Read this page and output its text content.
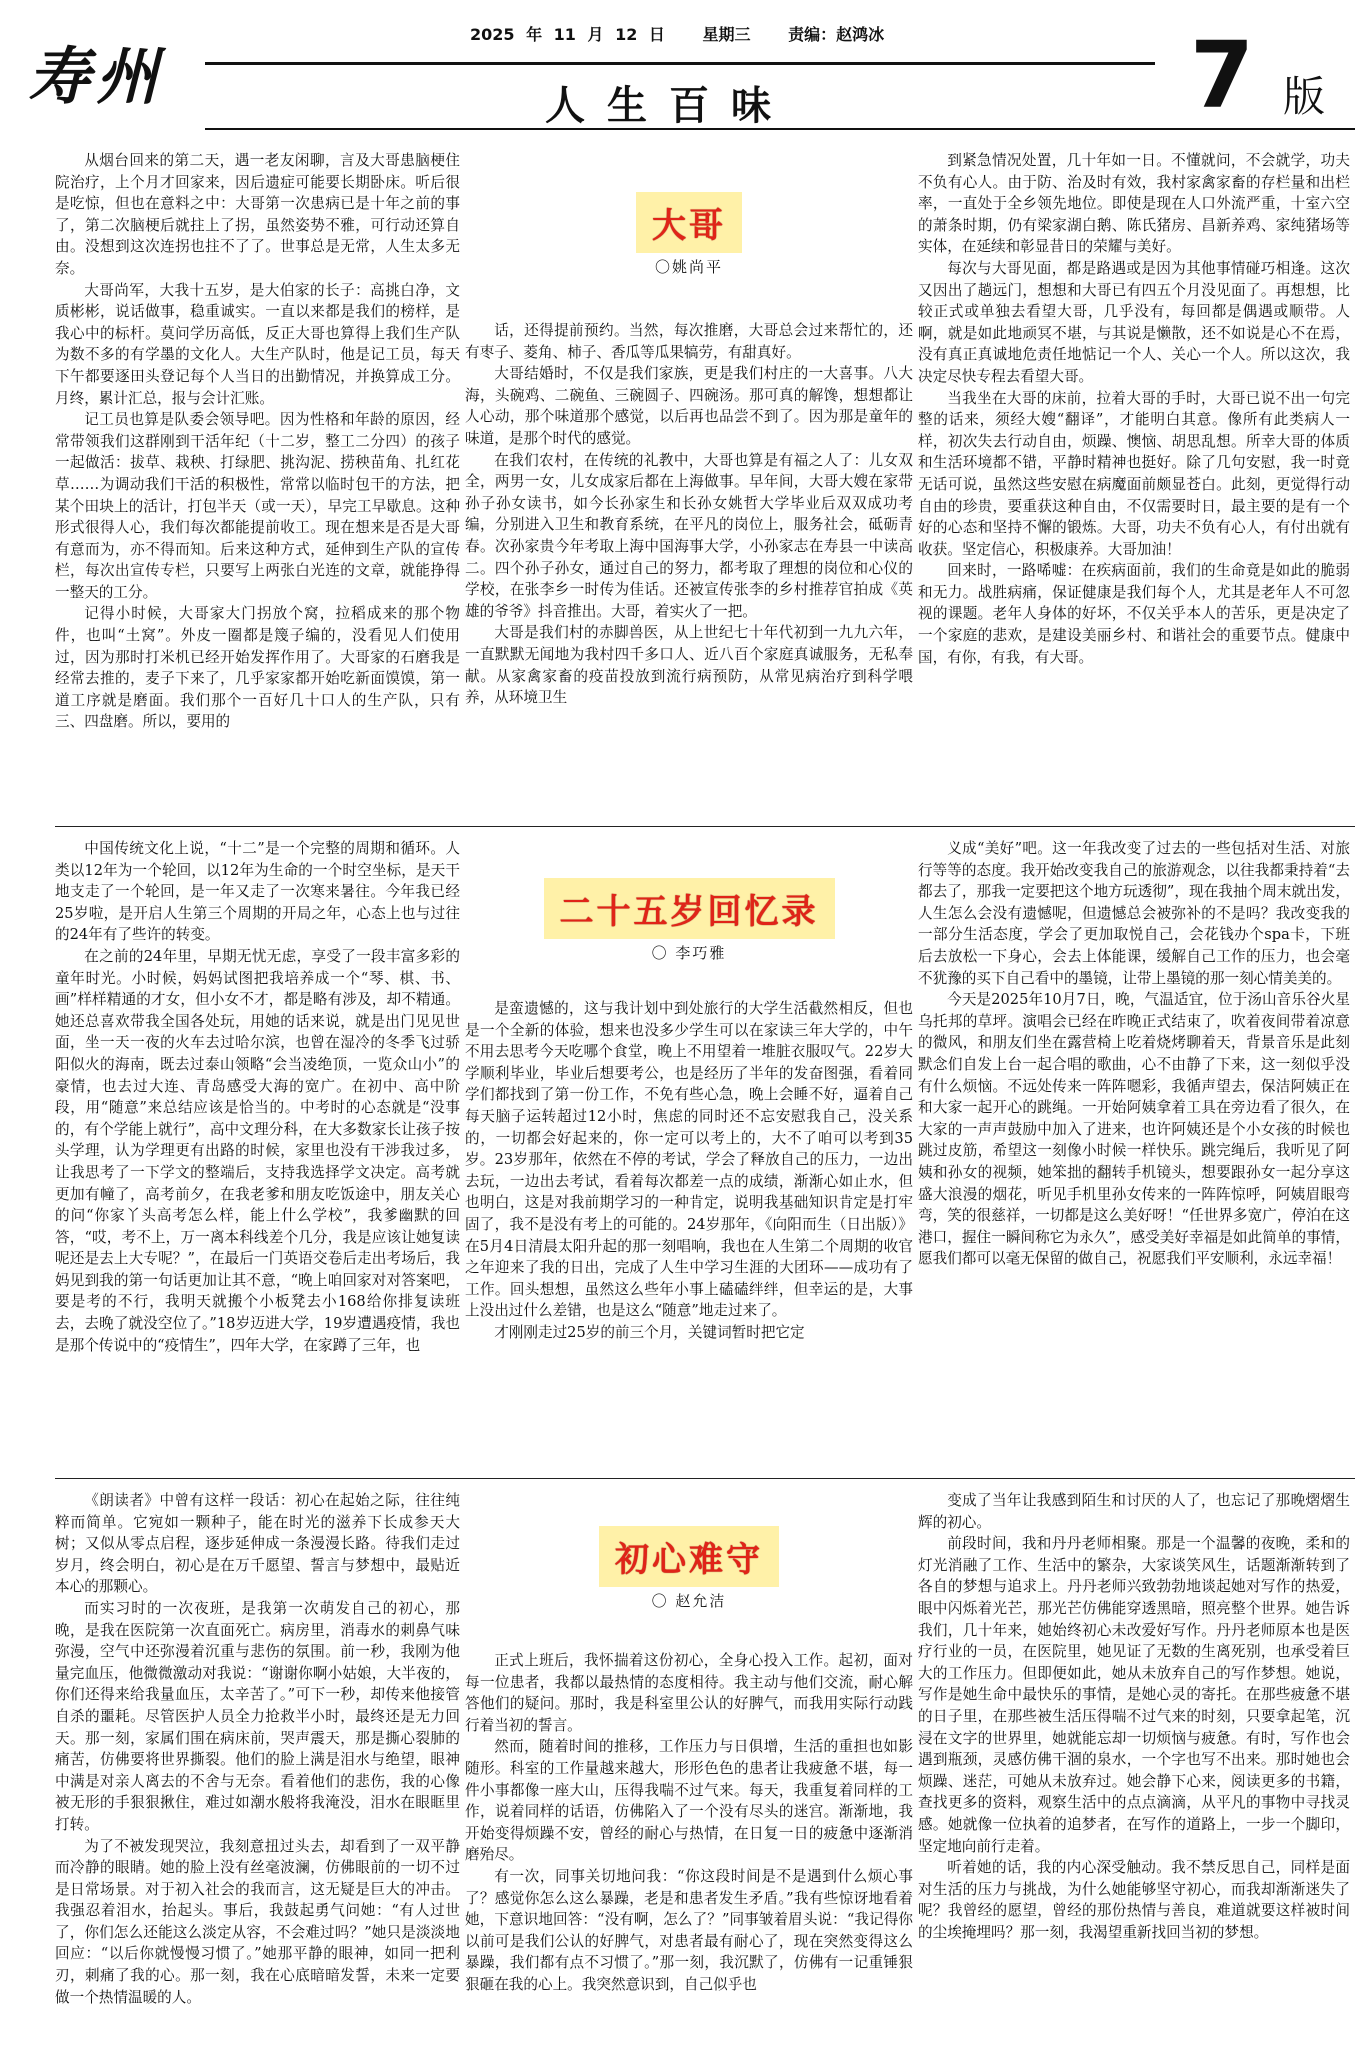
寿州
2025 年 11 月 12 日 星期三 责编：赵鸿冰
人生百味	7 版

从烟台回来的第二天，遇一老友闲聊，言及大哥患脑梗住院治疗，上个月才回家来，因后遗症可能要长期卧床。听后很是吃惊，但也在意料之中：大哥第一次患病已是十年之前的事了，第二次脑梗后就拄上了拐，虽然姿势不雅，可行动还算自由。没想到这次连拐也拄不了了。世事总是无常，人生太多无奈。

大哥尚军，大我十五岁，是大伯家的长子：高挑白净，文质彬彬，说话做事，稳重诚实。一直以来都是我们的榜样，是我心中的标杆。莫问学历高低，反正大哥也算得上我们生产队为数不多的有学墨的文化人。大生产队时，他是记工员，每天下午都要逐田头登记每个人当日的出勤情况，并换算成工分。月终，累计汇总，报与会计汇账。

记工员也算是队委会领导吧。因为性格和年龄的原因，经常带领我们这群刚到干活年纪（十二岁，整工二分四）的孩子一起做活：拔草、栽秧、打绿肥、挑沟泥、捞秧苗角、扎红花草……为调动我们干活的积极性，常常以临时包干的方法，把某个田块上的活计，打包半天（或一天），早完工早歇息。这种形式很得人心，我们每次都能提前收工。现在想来是否是大哥有意而为，亦不得而知。后来这种方式，延伸到生产队的宣传栏，每次出宣传专栏，只要写上两张白光连的文章，就能挣得一整天的工分。

记得小时候，大哥家大门拐放个窝，拉稻成来的那个物件，也叫“土窝”。外皮一圈都是篾子编的，没看见人们使用过，因为那时打米机已经开始发挥作用了。大哥家的石磨我是经常去推的，麦子下来了，几乎家家都开始吃新面馍馍，第一道工序就是磨面。我们那个一百好几十口人的生产队，只有三、四盘磨。所以，要用的

大哥
〇姚尚平

话，还得提前预约。当然，每次推磨，大哥总会过来帮忙的，还有枣子、菱角、柿子、香瓜等瓜果犒劳，有甜真好。

大哥结婚时，不仅是我们家族，更是我们村庄的一大喜事。八大海，头碗鸡、二碗鱼、三碗圆子、四碗汤。那可真的解馋，想想都让人心动，那个味道那个感觉，以后再也品尝不到了。因为那是童年的味道，是那个时代的感觉。

在我们农村，在传统的礼教中，大哥也算是有福之人了：儿女双全，两男一女，儿女成家后都在上海做事。早年间，大哥大嫂在家带孙子孙女读书，如今长孙家生和长孙女姚哲大学毕业后双双成功考编，分别进入卫生和教育系统，在平凡的岗位上，服务社会，砥砺青春。次孙家贵今年考取上海中国海事大学，小孙家志在寿县一中读高二。四个孙子孙女，通过自己的努力，都考取了理想的岗位和心仪的学校，在张李乡一时传为佳话。还被宣传张李的乡村推荐官拍成《英雄的爷爷》抖音推出。大哥，着实火了一把。

大哥是我们村的赤脚兽医，从上世纪七十年代初到一九九六年，一直默默无闻地为我村四千多口人、近八百个家庭真诚服务，无私奉献。从家禽家畜的疫苗投放到流行病预防，从常见病治疗到科学喂养，从环境卫生

到紧急情况处置，几十年如一日。不懂就问，不会就学，功夫不负有心人。由于防、治及时有效，我村家禽家畜的存栏量和出栏率，一直处于全乡领先地位。即使是现在人口外流严重，十室六空的萧条时期，仍有梁家湖白鹅、陈氏猪房、昌新养鸡、家纯猪场等实体，在延续和彰显昔日的荣耀与美好。

每次与大哥见面，都是路遇或是因为其他事情碰巧相逢。这次又因出了趟远门，想想和大哥已有四五个月没见面了。再想想，比较正式或单独去看望大哥，几乎没有，每回都是偶遇或顺带。人啊，就是如此地顽冥不堪，与其说是懒散，还不如说是心不在焉，没有真正真诚地危责任地惦记一个人、关心一个人。所以这次，我决定尽快专程去看望大哥。

当我坐在大哥的床前，拉着大哥的手时，大哥已说不出一句完整的话来，须经大嫂“翻译”，才能明白其意。像所有此类病人一样，初次失去行动自由，烦躁、懊恼、胡思乱想。所幸大哥的体质和生活环境都不错，平静时精神也挺好。除了几句安慰，我一时竟无话可说，虽然这些安慰在病魔面前颇显苍白。此刻，更觉得行动自由的珍贵，要重获这种自由，不仅需要时日，最主要的是有一个好的心态和坚持不懈的锻炼。大哥，功夫不负有心人，有付出就有收获。坚定信心，积极康养。大哥加油！

回来时，一路唏嘘：在疾病面前，我们的生命竟是如此的脆弱和无力。战胜病痛，保证健康是我们每个人，尤其是老年人不可忽视的课题。老年人身体的好坏，不仅关乎本人的苦乐，更是决定了一个家庭的悲欢，是建设美丽乡村、和谐社会的重要节点。健康中国，有你，有我，有大哥。

中国传统文化上说，“十二”是一个完整的周期和循环。人类以12年为一个轮回，以12年为生命的一个时空坐标，是天干地支走了一个轮回，是一年又走了一次寒来暑往。今年我已经25岁啦，是开启人生第三个周期的开局之年，心态上也与过往的24年有了些许的转变。

在之前的24年里，早期无忧无虑，享受了一段丰富多彩的童年时光。小时候，妈妈试图把我培养成一个“琴、棋、书、画”样样精通的才女，但小女不才，都是略有涉及，却不精通。她还总喜欢带我全国各处玩，用她的话来说，就是出门见见世面，坐一天一夜的火车去过哈尔滨，也曾在湿冷的冬季飞过骄阳似火的海南，既去过泰山领略“会当凌绝顶，一览众山小”的豪情，也去过大连、青岛感受大海的宽广。在初中、高中阶段，用“随意”来总结应该是恰当的。中考时的心态就是“没事的，有个学能上就行”，高中文理分科，在大多数家长让孩子按头学理，认为学理更有出路的时候，家里也没有干涉我过多，让我思考了一下学文的整端后，支持我选择学文决定。高考就更加有幢了，高考前夕，在我老爹和朋友吃饭途中，朋友关心的问“你家丫头高考怎么样，能上什么学校”，我爹幽默的回答，“哎，考不上，万一离本科线差个几分，我是应该让她复读呢还是去上大专呢？”，在最后一门英语交卷后走出考场后，我妈见到我的第一句话更加让其不意，“晚上咱回家对对答案吧，要是考的不行，我明天就搬个小板凳去小168给你排复读班去，去晚了就没空位了。”18岁迈进大学，19岁遭遇疫情，我也是那个传说中的“疫情生”，四年大学，在家蹲了三年，也

二十五岁回忆录
〇 李巧雅

是蛮遗憾的，这与我计划中到处旅行的大学生活截然相反，但也是一个全新的体验，想来也没多少学生可以在家读三年大学的，中午不用去思考今天吃哪个食堂，晚上不用望着一堆脏衣服叹气。22岁大学顺利毕业，毕业后想要考公，也是经历了半年的发奋图强，看着同学们都找到了第一份工作，不免有些心急，晚上会睡不好，逼着自己每天脑子运转超过12小时，焦虑的同时还不忘安慰我自己，没关系的，一切都会好起来的，你一定可以考上的，大不了咱可以考到35岁。23岁那年，依然在不停的考试，学会了释放自己的压力，一边出去玩，一边出去考试，看着每次都差一点的成绩，渐渐心如止水，但也明白，这是对我前期学习的一种肯定，说明我基础知识肯定是打牢固了，我不是没有考上的可能的。24岁那年，《向阳而生（日出版）》在5月4日清晨太阳升起的那一刻唱响，我也在人生第二个周期的收官之年迎来了我的日出，完成了人生中学习生涯的大团环——成功有了工作。回头想想，虽然这么些年小事上磕磕绊绊，但幸运的是，大事上没出过什么差错，也是这么“随意”地走过来了。

才刚刚走过25岁的前三个月，关键词暂时把它定

义成“美好”吧。这一年我改变了过去的一些包括对生活、对旅行等等的态度。我开始改变我自己的旅游观念，以往我都秉持着“去都去了，那我一定要把这个地方玩透彻”，现在我抽个周末就出发，人生怎么会没有遗憾呢，但遗憾总会被弥补的不是吗？我改变我的一部分生活态度，学会了更加取悦自己，会花钱办个spa卡，下班后去放松一下身心，会去上体能课，缓解自己工作的压力，也会毫不犹豫的买下自己看中的墨镜，让带上墨镜的那一刻心情美美的。

今天是2025年10月7日，晚，气温适宜，位于汤山音乐谷火星乌托邦的草坪。演唱会已经在昨晚正式结束了，吹着夜间带着凉意的微风，和朋友们坐在露营椅上吃着烧烤聊着天，背景音乐是此刻默念们自发上台一起合唱的歌曲，心不由静了下来，这一刻似乎没有什么烦恼。不远处传来一阵阵嗯彩，我循声望去，保洁阿姨正在和大家一起开心的跳绳。一开始阿姨拿着工具在旁边看了很久，在大家的一声声鼓励中加入了进来，也许阿姨还是个小女孩的时候也跳过皮筋，希望这一刻像小时候一样快乐。跳完绳后，我听见了阿姨和孙女的视频，她笨拙的翻转手机镜头，想要跟孙女一起分享这盛大浪漫的烟花，听见手机里孙女传来的一阵阵惊呼，阿姨眉眼弯弯，笑的很慈祥，一切都是这么美好呀！“任世界多宽广，停泊在这港口，握住一瞬间称它为永久”，感受美好幸福是如此简单的事情，愿我们都可以毫无保留的做自己，祝愿我们平安顺利，永远幸福！

《朗读者》中曾有这样一段话：初心在起始之际，往往纯粹而简单。它宛如一颗种子，能在时光的滋养下长成参天大树；又似从零点启程，逐步延伸成一条漫漫长路。待我们走过岁月，终会明白，初心是在万千愿望、誓言与梦想中，最贴近本心的那颗心。

而实习时的一次夜班，是我第一次萌发自己的初心，那晚，是我在医院第一次直面死亡。病房里，消毒水的刺鼻气味弥漫，空气中还弥漫着沉重与悲伤的氛围。前一秒，我刚为他量完血压，他微微激动对我说：“谢谢你啊小姑娘，大半夜的，你们还得来给我量血压，太辛苦了。”可下一秒，却传来他接管自杀的噩耗。尽管医护人员全力抢救半小时，最终还是无力回天。那一刻，家属们围在病床前，哭声震天，那是撕心裂肺的痛苦，仿佛要将世界撕裂。他们的脸上满是泪水与绝望，眼神中满是对亲人离去的不舍与无奈。看着他们的悲伤，我的心像被无形的手狠狠揪住，难过如潮水般将我淹没，泪水在眼眶里打转。

为了不被发现哭泣，我刻意扭过头去，却看到了一双平静而冷静的眼睛。她的脸上没有丝毫波澜，仿佛眼前的一切不过是日常场景。对于初入社会的我而言，这无疑是巨大的冲击。我强忍着泪水，抬起头。事后，我鼓起勇气问她：“有人过世了，你们怎么还能这么淡定从容，不会难过吗？”她只是淡淡地回应：“以后你就慢慢习惯了。”她那平静的眼神，如同一把利刃，刺痛了我的心。那一刻，我在心底暗暗发誓，未来一定要做一个热情温暖的人。

初心难守
〇 赵允洁

正式上班后，我怀揣着这份初心，全身心投入工作。起初，面对每一位患者，我都以最热情的态度相待。我主动与他们交流，耐心解答他们的疑问。那时，我是科室里公认的好脾气，而我用实际行动践行着当初的誓言。

然而，随着时间的推移，工作压力与日俱增，生活的重担也如影随形。科室的工作量越来越大，形形色色的患者让我疲惫不堪，每一件小事都像一座大山，压得我喘不过气来。每天，我重复着同样的工作，说着同样的话语，仿佛陷入了一个没有尽头的迷宫。渐渐地，我开始变得烦躁不安，曾经的耐心与热情，在日复一日的疲惫中逐渐消磨殆尽。

有一次，同事关切地问我：“你这段时间是不是遇到什么烦心事了？感觉你怎么这么暴躁，老是和患者发生矛盾。”我有些惊讶地看着她，下意识地回答：“没有啊，怎么了？”同事皱着眉头说：“我记得你以前可是我们公认的好脾气，对患者最有耐心了，现在突然变得这么暴躁，我们都有点不习惯了。”那一刻，我沉默了，仿佛有一记重锤狠狠砸在我的心上。我突然意识到，自己似乎也

变成了当年让我感到陌生和讨厌的人了，也忘记了那晚熠熠生辉的初心。

前段时间，我和丹丹老师相聚。那是一个温馨的夜晚，柔和的灯光消融了工作、生活中的繁杂，大家谈笑风生，话题渐渐转到了各自的梦想与追求上。丹丹老师兴致勃勃地谈起她对写作的热爱，眼中闪烁着光芒，那光芒仿佛能穿透黑暗，照亮整个世界。她告诉我们，几十年来，她始终初心未改爱好写作。丹丹老师原本也是医疗行业的一员，在医院里，她见证了无数的生离死别，也承受着巨大的工作压力。但即便如此，她从未放弃自己的写作梦想。她说，写作是她生命中最快乐的事情，是她心灵的寄托。在那些疲惫不堪的日子里，在那些被生活压得喘不过气来的时刻，只要拿起笔，沉浸在文字的世界里，她就能忘却一切烦恼与疲惫。有时，写作也会遇到瓶颈，灵感仿佛干涸的泉水，一个字也写不出来。那时她也会烦躁、迷茫，可她从未放弃过。她会静下心来，阅读更多的书籍，查找更多的资料，观察生活中的点点滴滴，从平凡的事物中寻找灵感。她就像一位执着的追梦者，在写作的道路上，一步一个脚印，坚定地向前行走着。

听着她的话，我的内心深受触动。我不禁反思自己，同样是面对生活的压力与挑战，为什么她能够坚守初心，而我却渐渐迷失了呢？我曾经的愿望，曾经的那份热情与善良，难道就要这样被时间的尘埃掩埋吗？那一刻，我渴望重新找回当初的梦想。
